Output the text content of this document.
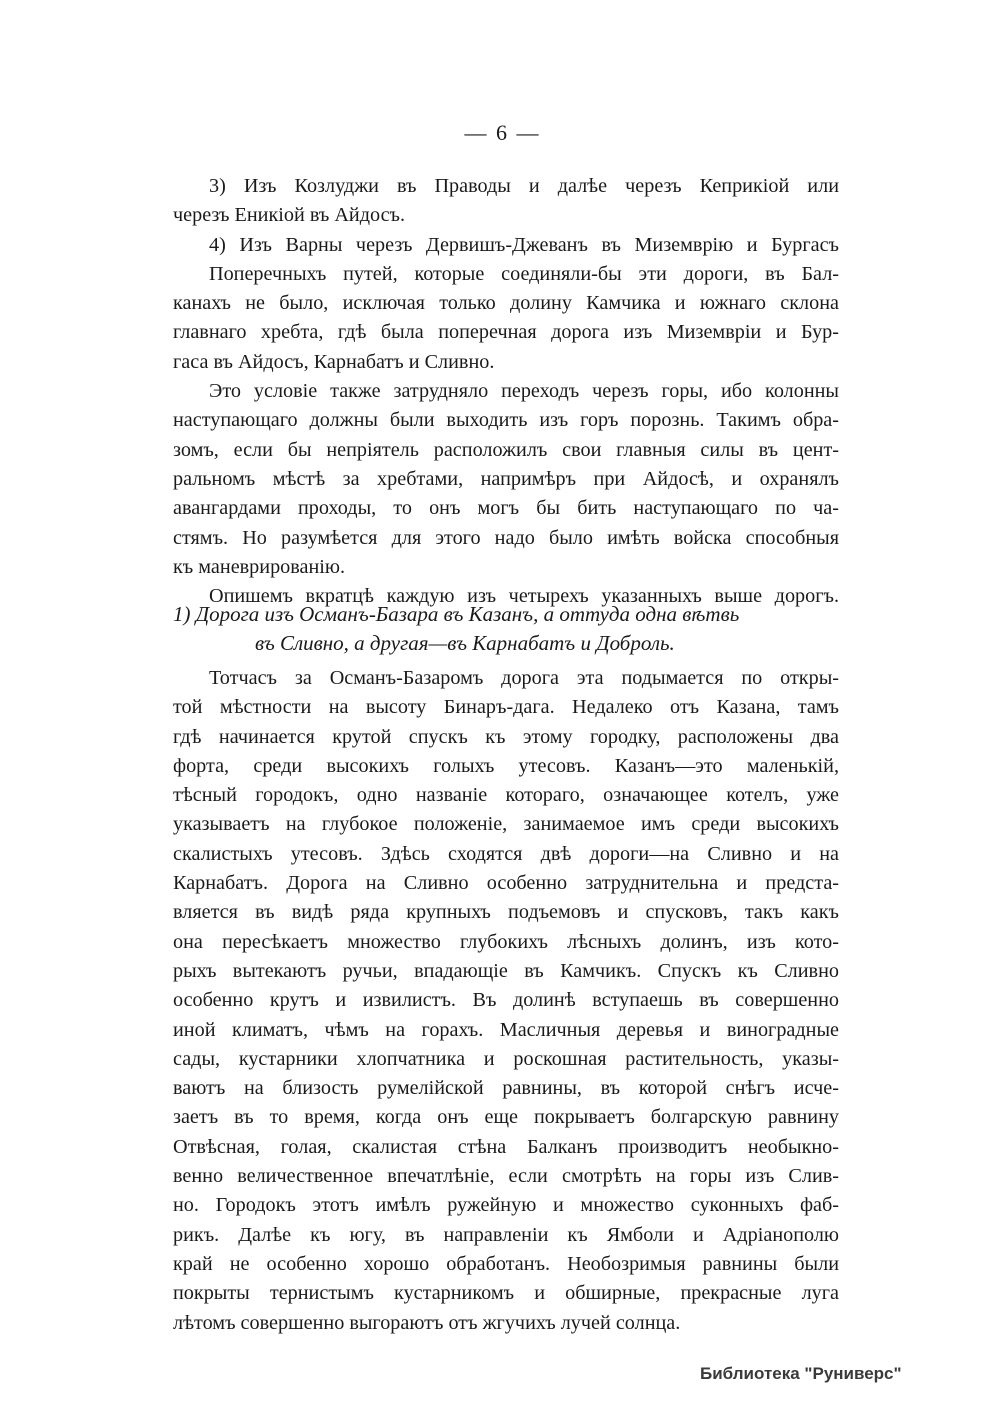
— 6 —
3) Изъ Козлуджи въ Праводы и далѣе черезъ Кеприкіой или
черезъ Еникіой въ Айдосъ.
4) Изъ Варны черезъ Дервишъ-Джеванъ въ Миземврію и Бургасъ
Поперечныхъ путей, которые соединяли-бы эти дороги, въ Бал-
канахъ не было, исключая только долину Камчика и южнаго склона
главнаго хребта, гдѣ была поперечная дорога изъ Миземвріи и Бур-
гаса въ Айдосъ, Карнабатъ и Сливно.
Это условіе также затрудняло переходъ черезъ горы, ибо колонны
наступающаго должны были выходить изъ горъ порознь. Такимъ обра-
зомъ, если бы непріятель расположилъ свои главныя силы въ цент-
ральномъ мѣстѣ за хребтами, напримѣръ при Айдосѣ, и охранялъ
авангардами проходы, то онъ могъ бы бить наступающаго по ча-
стямъ. Но разумѣется для этого надо было имѣть войска способныя
къ маневрированію.
Опишемъ вкратцѣ каждую изъ четырехъ указанныхъ выше дорогъ.
1) Дорога изъ Османъ-Базара въ Казанъ, а оттуда одна вѣтвь
въ Сливно, а другая—въ Карнабатъ и Доброль.
Тотчасъ за Османъ-Базаромъ дорога эта подымается по откры-
той мѣстности на высоту Бинаръ-дага. Недалеко отъ Казана, тамъ
гдѣ начинается крутой спускъ къ этому городку, расположены два
форта, среди высокихъ голыхъ утесовъ. Казанъ—это маленькій,
тѣсный городокъ, одно названіе котораго, означающее котелъ, уже
указываетъ на глубокое положеніе, занимаемое имъ среди высокихъ
скалистыхъ утесовъ. Здѣсь сходятся двѣ дороги—на Сливно и на
Карнабатъ. Дорога на Сливно особенно затруднительна и предста-
вляется въ видѣ ряда крупныхъ подъемовъ и спусковъ, такъ какъ
она пересѣкаетъ множество глубокихъ лѣсныхъ долинъ, изъ кото-
рыхъ вытекаютъ ручьи, впадающіе въ Камчикъ. Спускъ къ Сливно
особенно крутъ и извилистъ. Въ долинѣ вступаешь въ совершенно
иной климатъ, чѣмъ на горахъ. Масличныя деревья и виноградные
сады, кустарники хлопчатника и роскошная растительность, указы-
ваютъ на близость румелійской равнины, въ которой снѣгъ исче-
заетъ въ то время, когда онъ еще покрываетъ болгарскую равнину
Отвѣсная, голая, скалистая стѣна Балканъ производитъ необыкно-
венно величественное впечатлѣніе, если смотрѣть на горы изъ Слив-
но. Городокъ этотъ имѣлъ ружейную и множество суконныхъ фаб-
рикъ. Далѣе къ югу, въ направленіи къ Ямболи и Адріанополю
край не особенно хорошо обработанъ. Необозримыя равнины были
покрыты тернистымъ кустарникомъ и обширные, прекрасные луга
лѣтомъ совершенно выгораютъ отъ жгучихъ лучей солнца.
Библиотека "Руниверс"
